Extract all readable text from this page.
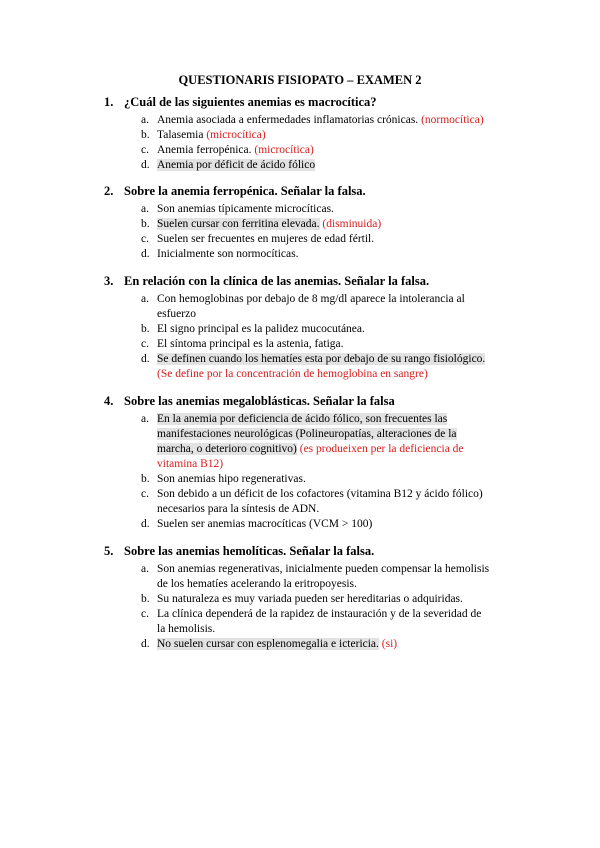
QUESTIONARIS FISIOPATO – EXAMEN 2
1. ¿Cuál de las siguientes anemias es macrocítica?
a. Anemia asociada a enfermedades inflamatorias crónicas. (normocítica)
b. Talasemia (microcítica)
c. Anemia ferropénica. (microcítica)
d. Anemia por déficit de ácido fólico
2. Sobre la anemia ferropénica. Señalar la falsa.
a. Son anemias típicamente microcíticas.
b. Suelen cursar con ferritina elevada. (disminuida)
c. Suelen ser frecuentes en mujeres de edad fértil.
d. Inicialmente son normocíticas.
3. En relación con la clínica de las anemias. Señalar la falsa.
a. Con hemoglobinas por debajo de 8 mg/dl aparece la intolerancia al esfuerzo
b. El signo principal es la palidez mucocutánea.
c. El síntoma principal es la astenia, fatiga.
d. Se definen cuando los hematíes esta por debajo de su rango fisiológico. (Se define por la concentración de hemoglobina en sangre)
4. Sobre las anemias megaloblásticas. Señalar la falsa
a. En la anemia por deficiencia de ácido fólico, son frecuentes las manifestaciones neurológicas (Polineuropatías, alteraciones de la marcha, o deterioro cognitivo) (es produeixen per la deficiencia de vitamina B12)
b. Son anemias hipo regenerativas.
c. Son debido a un déficit de los cofactores (vitamina B12 y ácido fólico) necesarios para la síntesis de ADN.
d. Suelen ser anemias macrocíticas (VCM > 100)
5. Sobre las anemias hemolíticas. Señalar la falsa.
a. Son anemias regenerativas, inicialmente pueden compensar la hemolisis de los hematíes acelerando la eritropoyesis.
b. Su naturaleza es muy variada pueden ser hereditarias o adquiridas.
c. La clínica dependerá de la rapidez de instauración y de la severidad de la hemolisis.
d. No suelen cursar con esplenomegalia e ictericia. (si)
